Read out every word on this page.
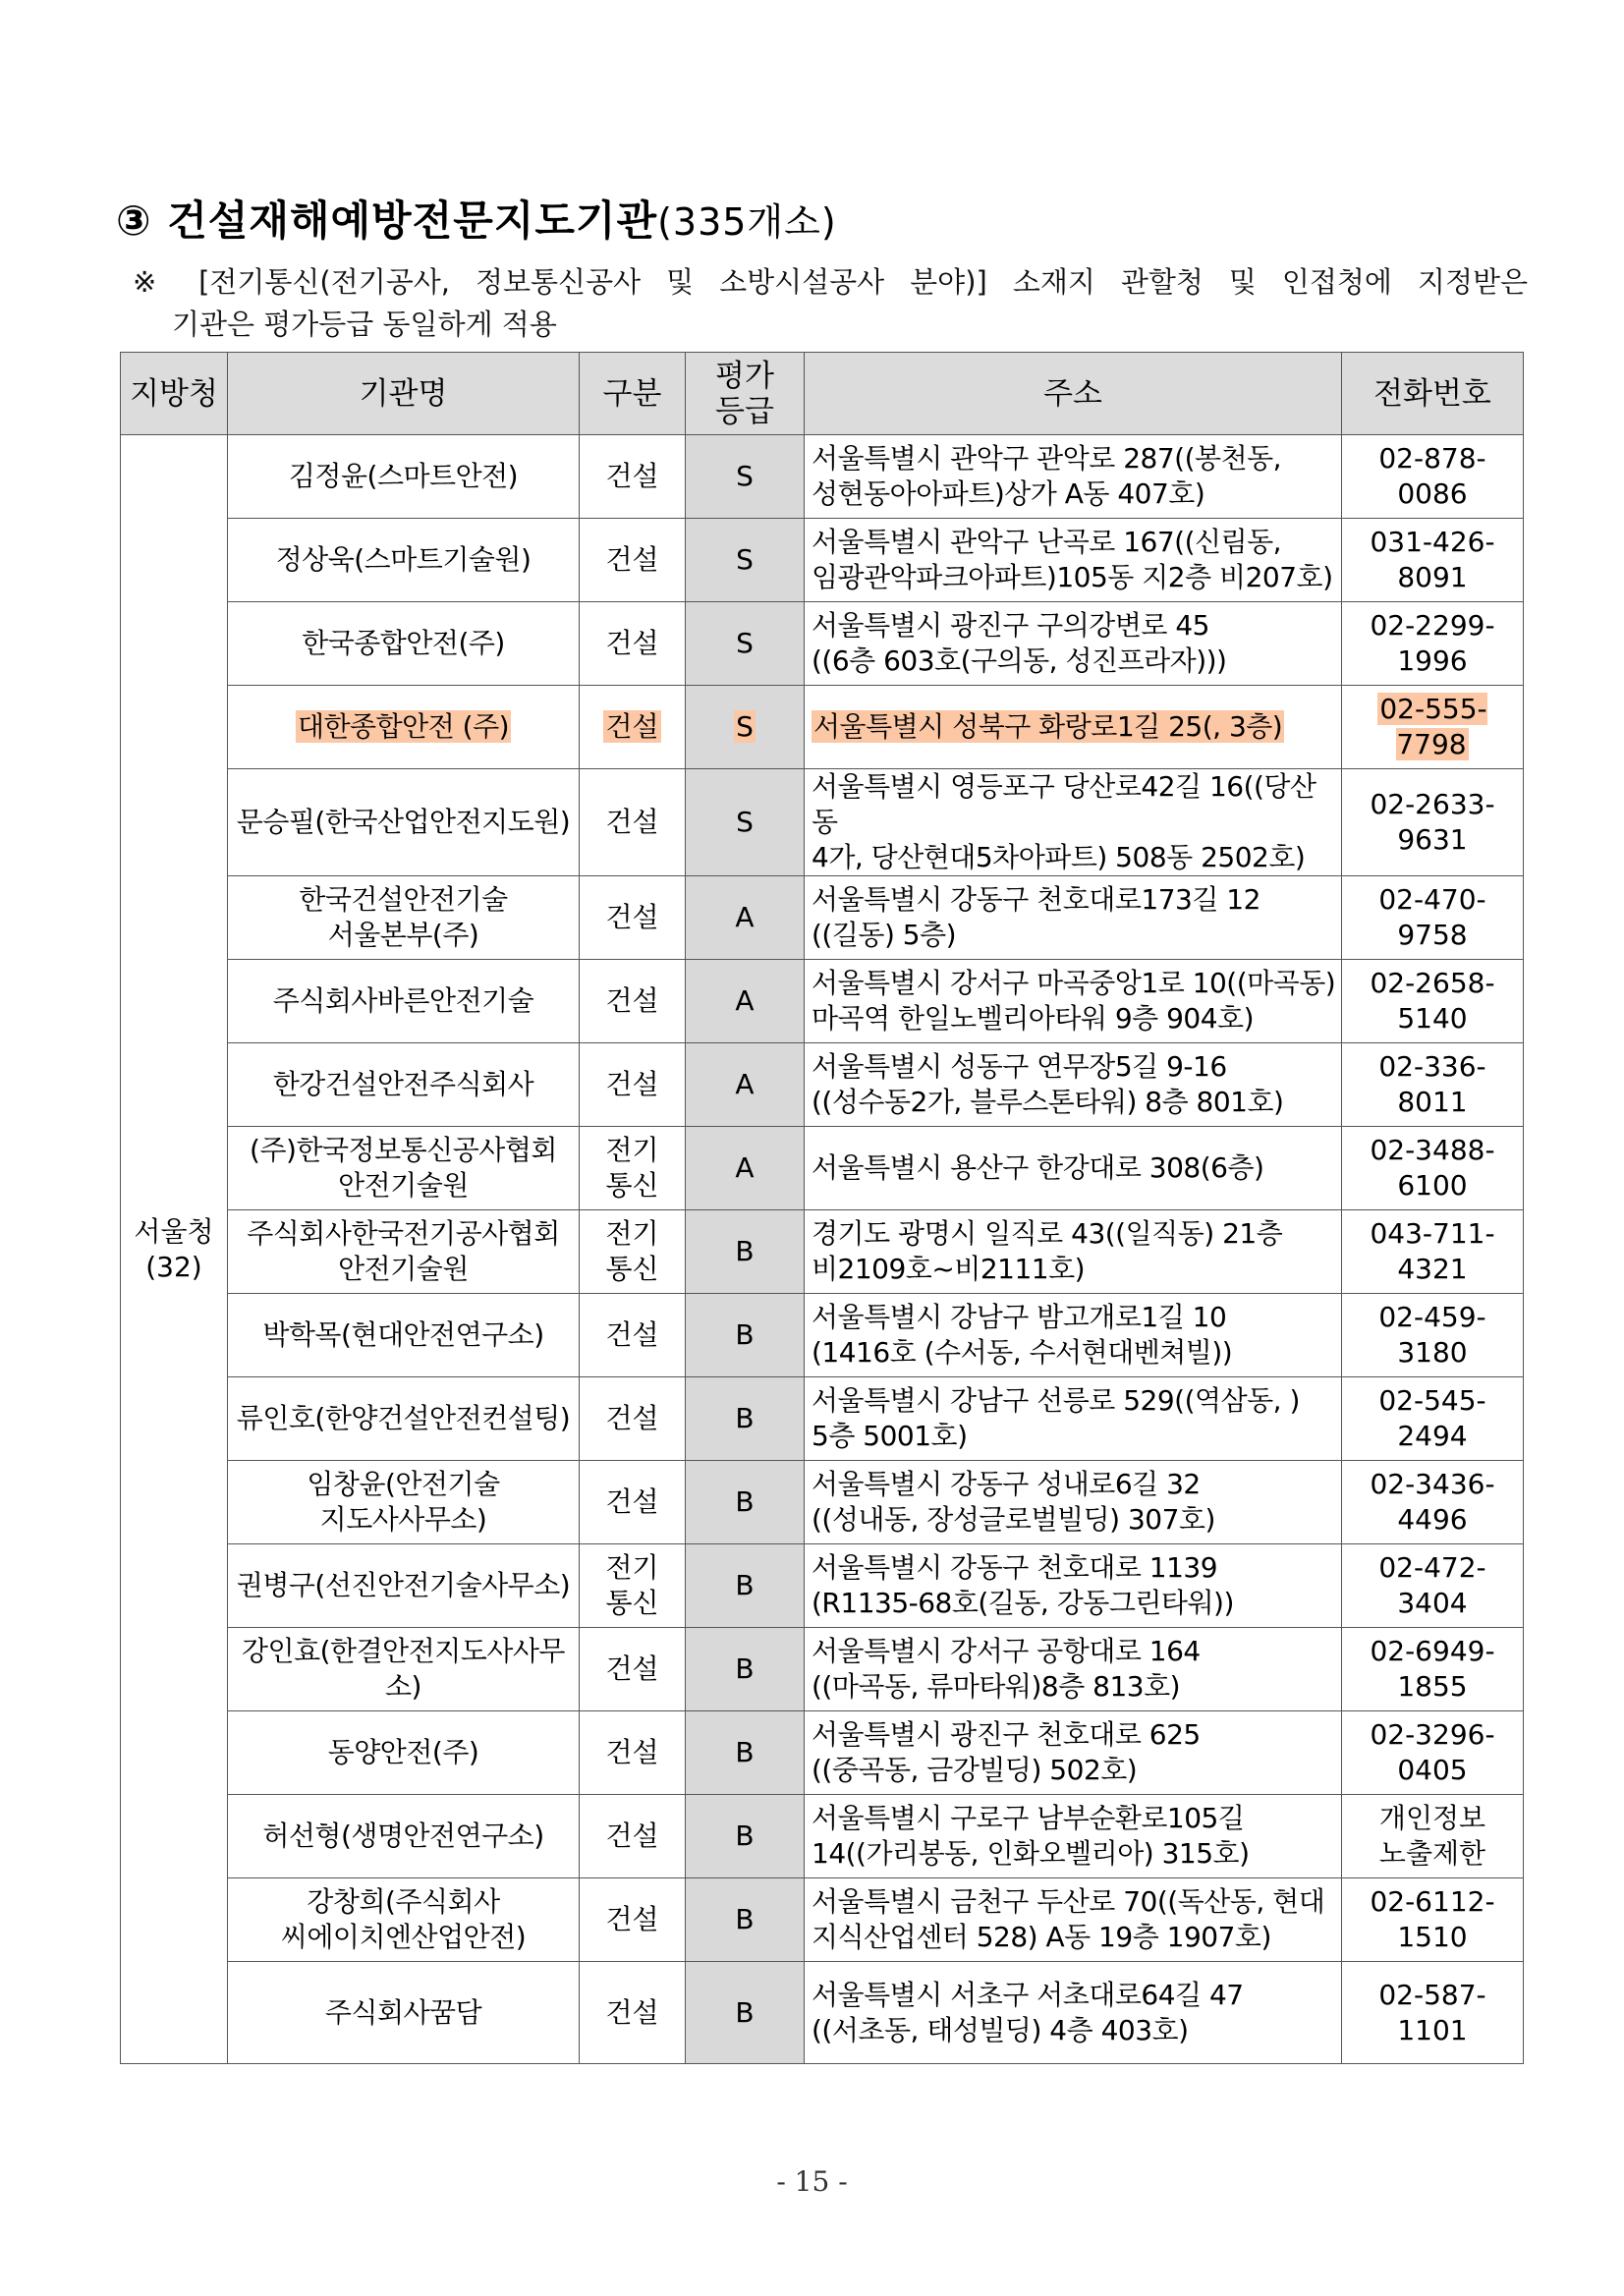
③ 건설재해예방전문지도기관(335개소)
※ [전기통신(전기공사, 정보통신공사 및 소방시설공사 분야)] 소재지 관할청 및 인접청에 지정받은
기관은 평가등급 동일하게 적용
지방청	기관명	구분	평가
등급	주소	전화번호
서울청
(32)	김정윤(스마트안전)	건설	S	서울특별시 관악구 관악로 287((봉천동,
성현동아아파트)상가 A동 407호)	02-878-0086
	정상욱(스마트기술원)	건설	S	서울특별시 관악구 난곡로 167((신림동,
임광관악파크아파트)105동 지2층 비207호)	031-426-8091
	한국종합안전(주)	건설	S	서울특별시 광진구 구의강변로 45
((6층 603호(구의동, 성진프라자)))	02-2299-1996
	대한종합안전 (주)	건설	S	서울특별시 성북구 화랑로1길 25(, 3층)	02-555-7798
	문승필(한국산업안전지도원)	건설	S	서울특별시 영등포구 당산로42길 16((당산동
4가, 당산현대5차아파트) 508동 2502호)	02-2633-9631
	한국건설안전기술
서울본부(주)	건설	A	서울특별시 강동구 천호대로173길 12
((길동) 5층)	02-470-9758
	주식회사바른안전기술	건설	A	서울특별시 강서구 마곡중앙1로 10((마곡동)
마곡역 한일노벨리아타워 9층 904호)	02-2658-5140
	한강건설안전주식회사	건설	A	서울특별시 성동구 연무장5길 9-16
((성수동2가, 블루스톤타워) 8층 801호)	02-336-8011
	(주)한국정보통신공사협회
안전기술원	전기
통신	A	서울특별시 용산구 한강대로 308(6층)	02-3488-6100
	주식회사한국전기공사협회
안전기술원	전기
통신	B	경기도 광명시 일직로 43((일직동) 21층
비2109호~비2111호)	043-711-4321
	박학목(현대안전연구소)	건설	B	서울특별시 강남구 밤고개로1길 10
(1416호 (수서동, 수서현대벤쳐빌))	02-459-3180
	류인호(한양건설안전컨설팅)	건설	B	서울특별시 강남구 선릉로 529((역삼동, )
5층 5001호)	02-545-2494
	임창윤(안전기술
지도사사무소)	건설	B	서울특별시 강동구 성내로6길 32
((성내동, 장성글로벌빌딩) 307호)	02-3436-4496
	권병구(선진안전기술사무소)	전기
통신	B	서울특별시 강동구 천호대로 1139
(R1135-68호(길동, 강동그린타워))	02-472-3404
	강인효(한결안전지도사사무소)	건설	B	서울특별시 강서구 공항대로 164
((마곡동, 류마타워)8층 813호)	02-6949-1855
	동양안전(주)	건설	B	서울특별시 광진구 천호대로 625
((중곡동, 금강빌딩) 502호)	02-3296-0405
	허선형(생명안전연구소)	건설	B	서울특별시 구로구 남부순환로105길
14((가리봉동, 인화오벨리아) 315호)	개인정보
노출제한
	강창희(주식회사
씨에이치엔산업안전)	건설	B	서울특별시 금천구 두산로 70((독산동, 현대
지식산업센터 528) A동 19층 1907호)	02-6112-1510
	주식회사꿈담	건설	B	서울특별시 서초구 서초대로64길 47
((서초동, 태성빌딩) 4층 403호)	02-587-1101
- 15 -
